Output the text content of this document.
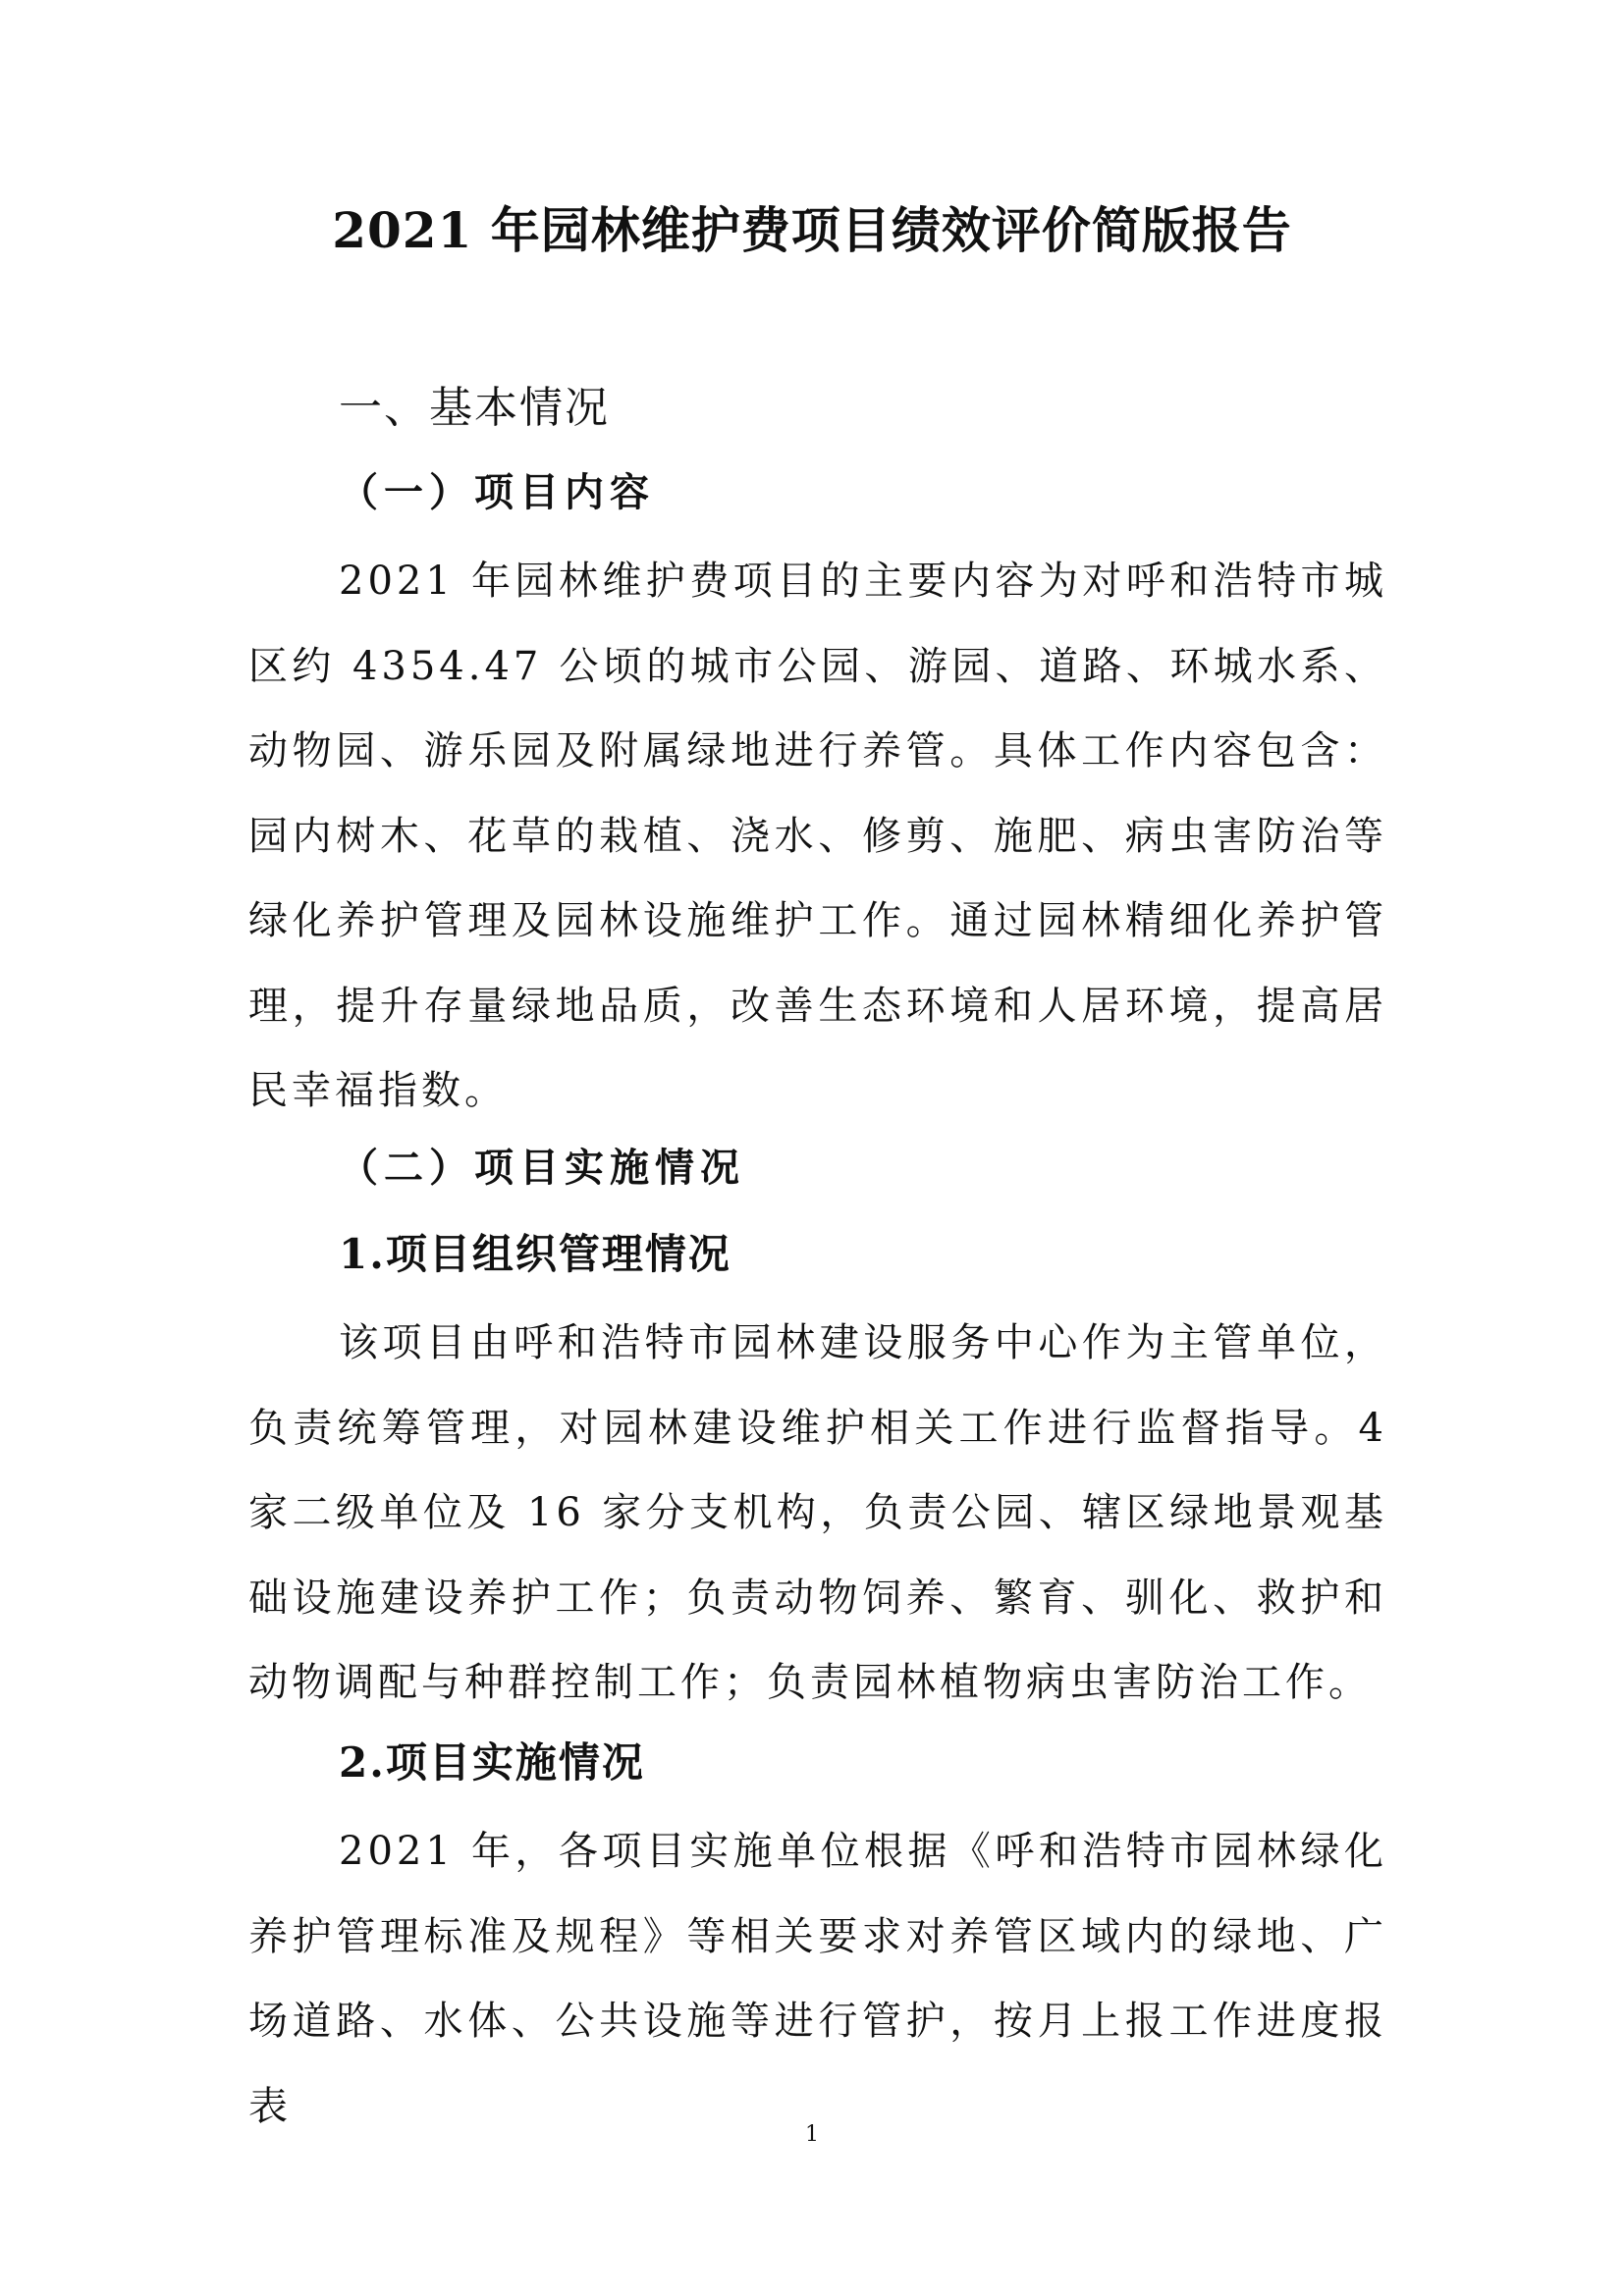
2021 年园林维护费项目绩效评价简版报告
一、基本情况
（一）项目内容
2021 年园林维护费项目的主要内容为对呼和浩特市城区约 4354.47 公顷的城市公园、游园、道路、环城水系、动物园、游乐园及附属绿地进行养管。具体工作内容包含：园内树木、花草的栽植、浇水、修剪、施肥、病虫害防治等绿化养护管理及园林设施维护工作。通过园林精细化养护管理，提升存量绿地品质，改善生态环境和人居环境，提高居民幸福指数。
（二）项目实施情况
1.项目组织管理情况
该项目由呼和浩特市园林建设服务中心作为主管单位，负责统筹管理，对园林建设维护相关工作进行监督指导。4 家二级单位及 16 家分支机构，负责公园、辖区绿地景观基础设施建设养护工作；负责动物饲养、繁育、驯化、救护和动物调配与种群控制工作；负责园林植物病虫害防治工作。
2.项目实施情况
2021 年，各项目实施单位根据《呼和浩特市园林绿化养护管理标准及规程》等相关要求对养管区域内的绿地、广场道路、水体、公共设施等进行管护，按月上报工作进度报表
1
